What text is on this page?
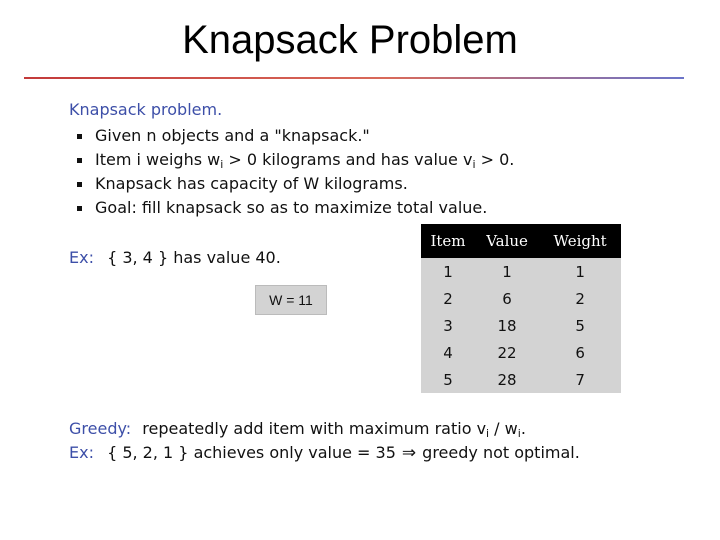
Knapsack Problem
Knapsack problem.
Given n objects and a "knapsack."
Item i weighs $w_i > 0$ kilograms and has value $v_i > 0$.
Knapsack has capacity of W kilograms.
Goal: fill knapsack so as to maximize total value.
Ex: { 3, 4 } has value 40.
W = 11
Item	Value	Weight
1	1	1
2	6	2
3	18	5
4	22	6
5	28	7
Greedy: repeatedly add item with maximum ratio $v_i / w_i$.
Ex: { 5, 2, 1 } achieves only value = 35 ⇒ greedy not optimal.
